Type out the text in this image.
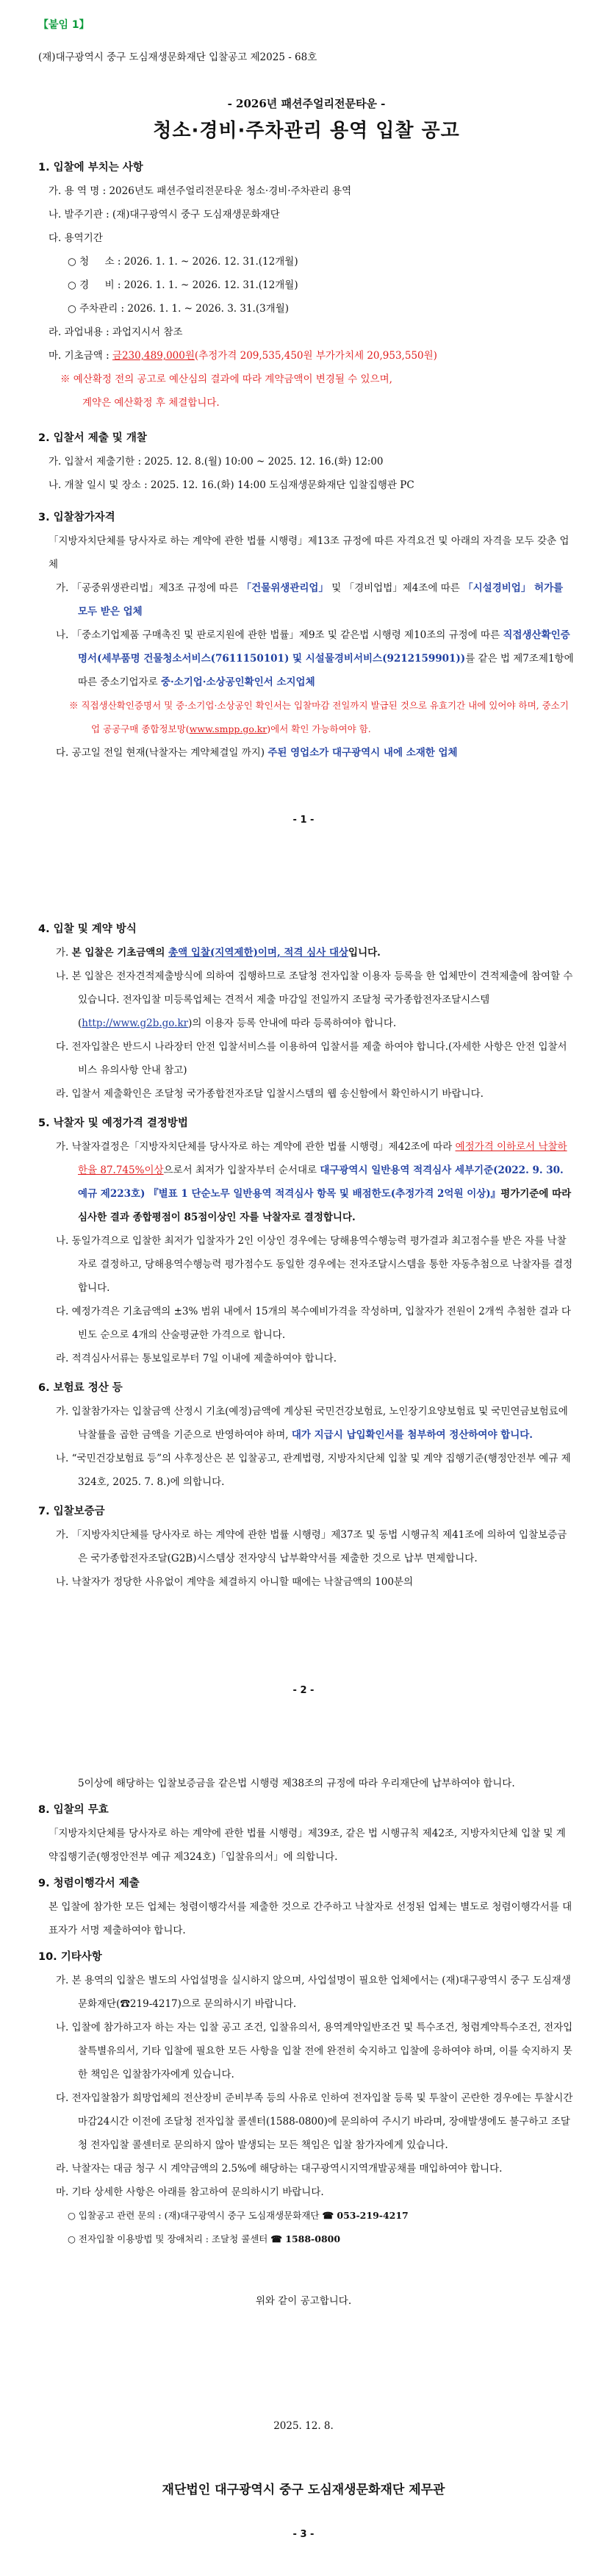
【붙임 1】
(재)대구광역시 중구 도심재생문화재단 입찰공고 제2025 - 68호
- 2026년 패션주얼리전문타운 -
청소·경비·주차관리 용역 입찰 공고
1. 입찰에 부치는 사항
가. 용 역 명 : 2026년도 패션주얼리전문타운 청소·경비·주차관리 용역
나. 발주기관 : (재)대구광역시 중구 도심재생문화재단
다. 용역기간
○ 청     소 : 2026. 1. 1. ~ 2026. 12. 31.(12개월)
○ 경     비 : 2026. 1. 1. ~ 2026. 12. 31.(12개월)
○ 주차관리 : 2026. 1. 1. ~ 2026. 3. 31.(3개월)
라. 과업내용 : 과업지시서 참조
마. 기초금액 : 금230,489,000원(추정가격 209,535,450원 부가가치세 20,953,550원)
※ 예산확정 전의 공고로 예산심의 결과에 따라 계약금액이 변경될 수 있으며,
계약은 예산확정 후 체결합니다.
2. 입찰서 제출 및 개찰
가. 입찰서 제출기한 : 2025. 12. 8.(월) 10:00 ~ 2025. 12. 16.(화) 12:00
나. 개찰 일시 및 장소 : 2025. 12. 16.(화) 14:00 도심재생문화재단 입찰집행관 PC
3. 입찰참가자격
「지방자치단체를 당사자로 하는 계약에 관한 법률 시행령」제13조 규정에 따른 자격요건 및 아래의 자격을 모두 갖춘 업체
가. 「공중위생관리법」제3조 규정에 따른 「건물위생관리업」 및 「경비업법」제4조에 따른 「시설경비업」 허가를 모두 받은 업체
나. 「중소기업제품 구매촉진 및 판로지원에 관한 법률」제9조 및 같은법 시행령 제10조의 규정에 따른 직접생산확인증명서(세부품명 건물청소서비스(7611150101) 및 시설물경비서비스(9212159901))를 같은 법 제7조제1항에 따른 중소기업자로 중·소기업·소상공인확인서 소지업체
※ 직접생산확인증명서 및 중·소기업·소상공인 확인서는 입찰마감 전일까지 발급된 것으로 유효기간 내에 있어야 하며, 중소기업 공공구매 종합정보망(www.smpp.go.kr)에서 확인 가능하여야 함.
다. 공고일 전일 현재(낙찰자는 계약체결일 까지) 주된 영업소가 대구광역시 내에 소재한 업체
- 1 -
4. 입찰 및 계약 방식
가. 본 입찰은 기초금액의 총액 입찰(지역제한)이며, 적격 심사 대상입니다.
나. 본 입찰은 전자견적제출방식에 의하여 집행하므로 조달청 전자입찰 이용자 등록을 한 업체만이 견적제출에 참여할 수 있습니다. 전자입찰 미등록업체는 견적서 제출 마감일 전일까지 조달청 국가종합전자조달시스템(http://www.g2b.go.kr)의 이용자 등록 안내에 따라 등록하여야 합니다.
다. 전자입찰은 반드시 나라장터 안전 입찰서비스를 이용하여 입찰서를 제출 하여야 합니다.(자세한 사항은 안전 입찰서비스 유의사항 안내 참고)
라. 입찰서 제출확인은 조달청 국가종합전자조달 입찰시스템의 웹 송신함에서 확인하시기 바랍니다.
5. 낙찰자 및 예정가격 결정방법
가. 낙찰자결정은「지방자치단체를 당사자로 하는 계약에 관한 법률 시행령」제42조에 따라 예정가격 이하로서 낙찰하한율 87.745%이상으로서 최저가 입찰자부터 순서대로 대구광역시 일반용역 적격심사 세부기준(2022. 9. 30. 예규 제223호) 『별표 1 단순노무 일반용역 적격심사 항목 및 배점한도(추정가격 2억원 이상)』평가기준에 따라 심사한 결과 종합평점이 85점이상인 자를 낙찰자로 결정합니다.
나. 동일가격으로 입찰한 최저가 입찰자가 2인 이상인 경우에는 당해용역수행능력 평가결과 최고점수를 받은 자를 낙찰자로 결정하고, 당해용역수행능력 평가점수도 동일한 경우에는 전자조달시스템을 통한 자동추첨으로 낙찰자를 결정합니다.
다. 예정가격은 기초금액의 ±3% 범위 내에서 15개의 복수예비가격을 작성하며, 입찰자가 전원이 2개씩 추첨한 결과 다빈도 순으로 4개의 산술평균한 가격으로 합니다.
라. 적격심사서류는 통보일로부터 7일 이내에 제출하여야 합니다.
6. 보험료 정산 등
가. 입찰참가자는 입찰금액 산정시 기초(예정)금액에 계상된 국민건강보험료, 노인장기요양보험료 및 국민연금보험료에 낙찰률을 곱한 금액을 기준으로 반영하여야 하며, 대가 지급시 납입확인서를 첨부하여 정산하여야 합니다.
나. “국민건강보험료 등”의 사후정산은 본 입찰공고, 관계법령, 지방자치단체 입찰 및 계약 집행기준(행정안전부 예규 제324호, 2025. 7. 8.)에 의합니다.
7. 입찰보증금
가. 「지방자치단체를 당사자로 하는 계약에 관한 법률 시행령」제37조 및 동법 시행규칙 제41조에 의하여 입찰보증금은 국가종합전자조달(G2B)시스템상 전자양식 납부확약서를 제출한 것으로 납부 면제합니다.
나. 낙찰자가 정당한 사유없이 계약을 체결하지 아니할 때에는 낙찰금액의 100분의
- 2 -
5이상에 해당하는 입찰보증금을 같은법 시행령 제38조의 규정에 따라 우리재단에 납부하여야 합니다.
8. 입찰의 무효
「지방자치단체를 당사자로 하는 계약에 관한 법률 시행령」제39조, 같은 법 시행규칙 제42조, 지방자치단체 입찰 및 계약집행기준(행정안전부 예규 제324호)「입찰유의서」에 의합니다.
9. 청렴이행각서 제출
본 입찰에 참가한 모든 업체는 청렴이행각서를 제출한 것으로 간주하고 낙찰자로 선정된 업체는 별도로 청렴이행각서를 대표자가 서명 제출하여야 합니다.
10. 기타사항
가. 본 용역의 입찰은 별도의 사업설명을 실시하지 않으며, 사업설명이 필요한 업체에서는 (재)대구광역시 중구 도심재생문화재단(☎219-4217)으로 문의하시기 바랍니다.
나. 입찰에 참가하고자 하는 자는 입찰 공고 조건, 입찰유의서, 용역계약일반조건 및 특수조건, 청렴계약특수조건, 전자입찰특별유의서, 기타 입찰에 필요한 모든 사항을 입찰 전에 완전히 숙지하고 입찰에 응하여야 하며, 이를 숙지하지 못한 책임은 입찰참가자에게 있습니다.
다. 전자입찰참가 희망업체의 전산장비 준비부족 등의 사유로 인하여 전자입찰 등록 및 투찰이 곤란한 경우에는 투찰시간 마감24시간 이전에 조달청 전자입찰 콜센터(1588-0800)에 문의하여 주시기 바라며, 장애발생에도 불구하고 조달청 전자입찰 콜센터로 문의하지 않아 발생되는 모든 책임은 입찰 참가자에게 있습니다.
라. 낙찰자는 대금 청구 시 계약금액의 2.5%에 해당하는 대구광역시지역개발공채를 매입하여야 합니다.
마. 기타 상세한 사항은 아래를 참고하여 문의하시기 바랍니다.
○ 입찰공고 관련 문의 : (재)대구광역시 중구 도심재생문화재단 ☎ 053-219-4217
○ 전자입찰 이용방법 및 장애처리 : 조달청 콜센터 ☎ 1588-0800
위와 같이 공고합니다.
2025. 12. 8.
재단법인 대구광역시 중구 도심재생문화재단 제무관
- 3 -
